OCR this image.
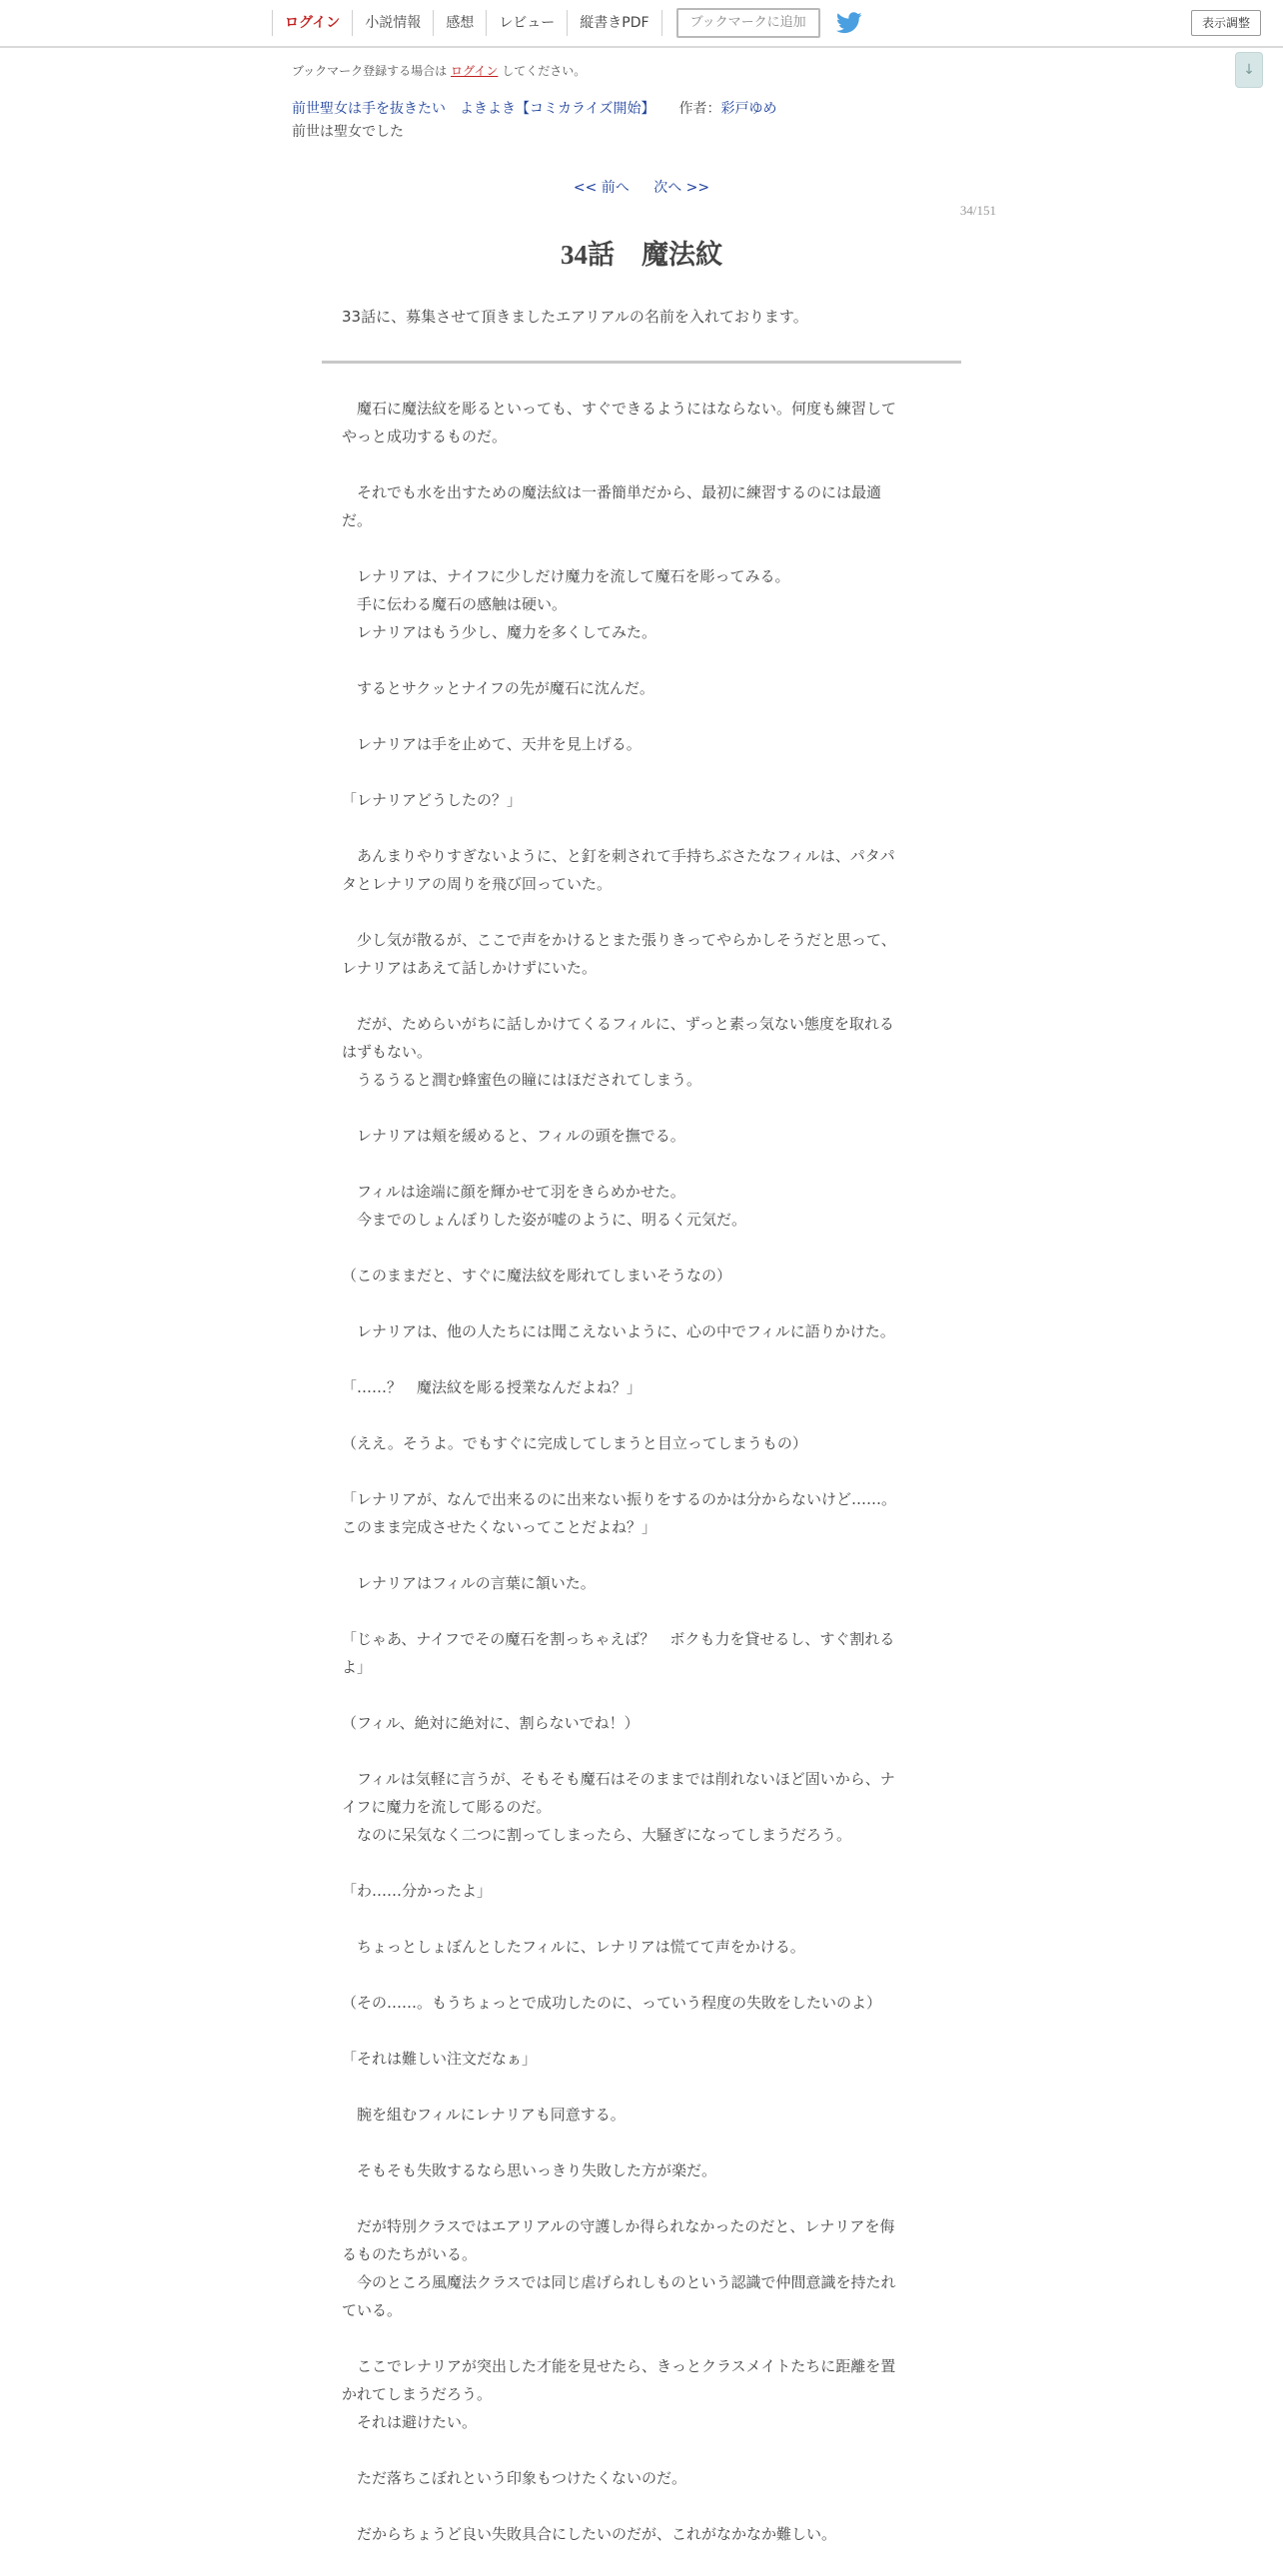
ログイン	小説情報	感想	レビュー	縦書きPDF	ブックマークに追加	表示調整
↓
ブックマーク登録する場合は ログイン してください。
前世聖女は手を抜きたい　よきよき【コミカライズ開始】 作者： 彩戸ゆめ
前世は聖女でした
<< 前へ 次へ >>
34/151
34話　魔法紋
33話に、募集させて頂きましたエアリアルの名前を入れております。

　魔石に魔法紋を彫るといっても、すぐできるようにはならない。何度も練習して
やっと成功するものだ。

　それでも水を出すための魔法紋は一番簡単だから、最初に練習するのには最適
だ。

　レナリアは、ナイフに少しだけ魔力を流して魔石を彫ってみる。
　手に伝わる魔石の感触は硬い。
　レナリアはもう少し、魔力を多くしてみた。

　するとサクッとナイフの先が魔石に沈んだ。

　レナリアは手を止めて、天井を見上げる。

「レナリアどうしたの？」

　あんまりやりすぎないように、と釘を刺されて手持ちぶさたなフィルは、パタパ
タとレナリアの周りを飛び回っていた。

　少し気が散るが、ここで声をかけるとまた張りきってやらかしそうだと思って、
レナリアはあえて話しかけずにいた。

　だが、ためらいがちに話しかけてくるフィルに、ずっと素っ気ない態度を取れる
はずもない。
　うるうると潤む蜂蜜色の瞳にはほだされてしまう。

　レナリアは頬を緩めると、フィルの頭を撫でる。

　フィルは途端に顔を輝かせて羽をきらめかせた。
　今までのしょんぼりした姿が嘘のように、明るく元気だ。

（このままだと、すぐに魔法紋を彫れてしまいそうなの）

　レナリアは、他の人たちには聞こえないように、心の中でフィルに語りかけた。

「……？　魔法紋を彫る授業なんだよね？」

（ええ。そうよ。でもすぐに完成してしまうと目立ってしまうもの）

「レナリアが、なんで出来るのに出来ない振りをするのかは分からないけど……。
このまま完成させたくないってことだよね？」

　レナリアはフィルの言葉に頷いた。

「じゃあ、ナイフでその魔石を割っちゃえば？　ボクも力を貸せるし、すぐ割れる
よ」

（フィル、絶対に絶対に、割らないでね！）

　フィルは気軽に言うが、そもそも魔石はそのままでは削れないほど固いから、ナ
イフに魔力を流して彫るのだ。
　なのに呆気なく二つに割ってしまったら、大騒ぎになってしまうだろう。

「わ……分かったよ」

　ちょっとしょぼんとしたフィルに、レナリアは慌てて声をかける。

（その……。もうちょっとで成功したのに、っていう程度の失敗をしたいのよ）

「それは難しい注文だなぁ」

　腕を組むフィルにレナリアも同意する。

　そもそも失敗するなら思いっきり失敗した方が楽だ。

　だが特別クラスではエアリアルの守護しか得られなかったのだと、レナリアを侮
るものたちがいる。
　今のところ風魔法クラスでは同じ虐げられしものという認識で仲間意識を持たれ
ている。

　ここでレナリアが突出した才能を見せたら、きっとクラスメイトたちに距離を置
かれてしまうだろう。
　それは避けたい。

　ただ落ちこぼれという印象もつけたくないのだ。

　だからちょうど良い失敗具合にしたいのだが、これがなかなか難しい。
